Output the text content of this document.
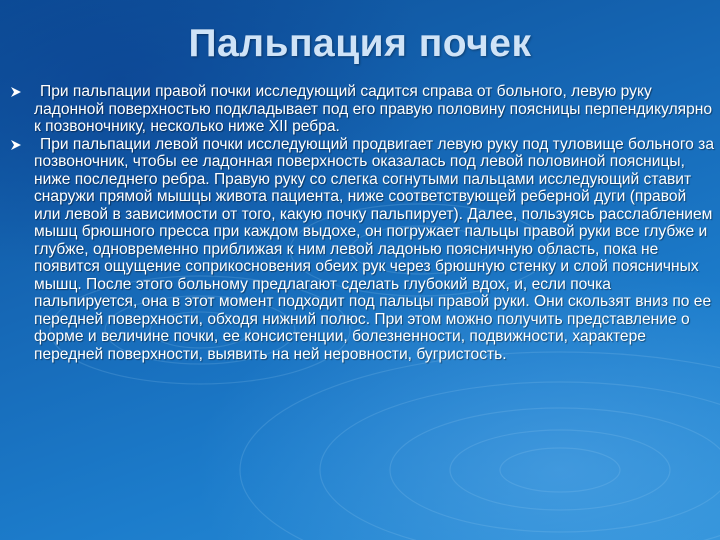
Пальпация почек
При пальпации правой почки исследующий садится справа от больного, левую руку ладонной поверхностью подкладывает под его правую половину поясницы перпендикулярно к позвоночнику, несколько ниже XII ребра.
При пальпации левой почки исследующий продвигает левую руку под туловище больного за позвоночник, чтобы ее ладонная поверхность оказалась под левой половиной поясницы, ниже последнего ребра. Правую руку со слегка согнутыми пальцами исследующий ставит снаружи прямой мышцы живота пациента, ниже соответствующей реберной дуги (правой или левой в зависимости от того, какую почку пальпирует). Далее, пользуясь расслаблением мышц брюшного пресса при каждом выдохе, он погружает пальцы правой руки все глубже и глубже, одновременно приближая к ним левой ладонью поясничную область, пока не появится ощущение соприкосновения обеих рук через брюшную стенку и слой поясничных мышц. После этого больному предлагают сделать глубокий вдох, и, если почка пальпируется, она в этот момент подходит под пальцы правой руки. Они скользят вниз по ее передней поверхности, обходя нижний полюс. При этом можно получить представление о форме и величине почки, ее консистенции, болезненности, подвижности, характере передней поверхности, выявить на ней неровности, бугристость.
